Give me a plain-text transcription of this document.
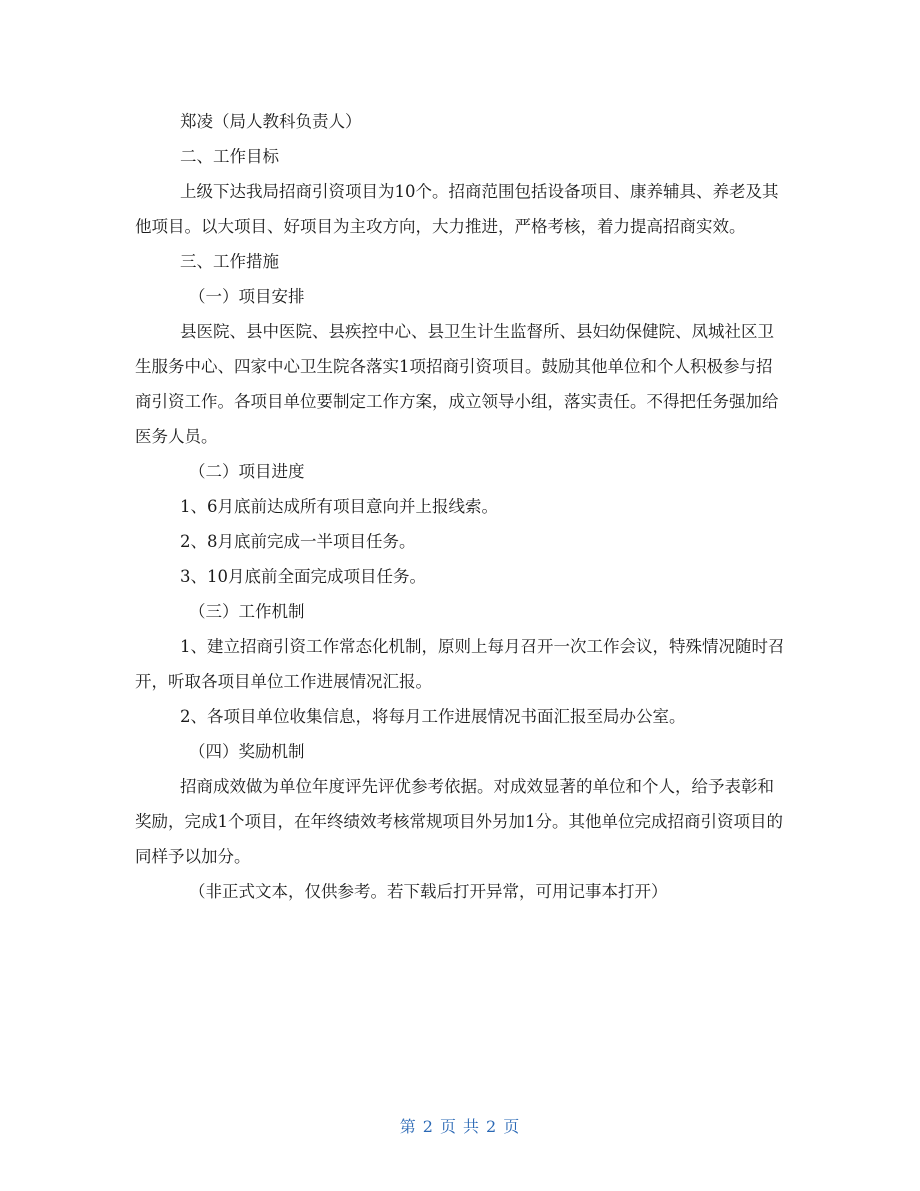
郑凌（局人教科负责人）

二、工作目标

上级下达我局招商引资项目为10个。招商范围包括设备项目、康养辅具、养老及其他项目。以大项目、好项目为主攻方向，大力推进，严格考核，着力提高招商实效。

三、工作措施

（一）项目安排

县医院、县中医院、县疾控中心、县卫生计生监督所、县妇幼保健院、凤城社区卫生服务中心、四家中心卫生院各落实1项招商引资项目。鼓励其他单位和个人积极参与招商引资工作。各项目单位要制定工作方案，成立领导小组，落实责任。不得把任务强加给医务人员。

（二）项目进度

1、6月底前达成所有项目意向并上报线索。

2、8月底前完成一半项目任务。

3、10月底前全面完成项目任务。

（三）工作机制

1、建立招商引资工作常态化机制，原则上每月召开一次工作会议，特殊情况随时召开，听取各项目单位工作进展情况汇报。

2、各项目单位收集信息，将每月工作进展情况书面汇报至局办公室。

（四）奖励机制

招商成效做为单位年度评先评优参考依据。对成效显著的单位和个人，给予表彰和奖励，完成1个项目，在年终绩效考核常规项目外另加1分。其他单位完成招商引资项目的同样予以加分。

（非正式文本，仅供参考。若下载后打开异常，可用记事本打开）

第 2 页 共 2 页
